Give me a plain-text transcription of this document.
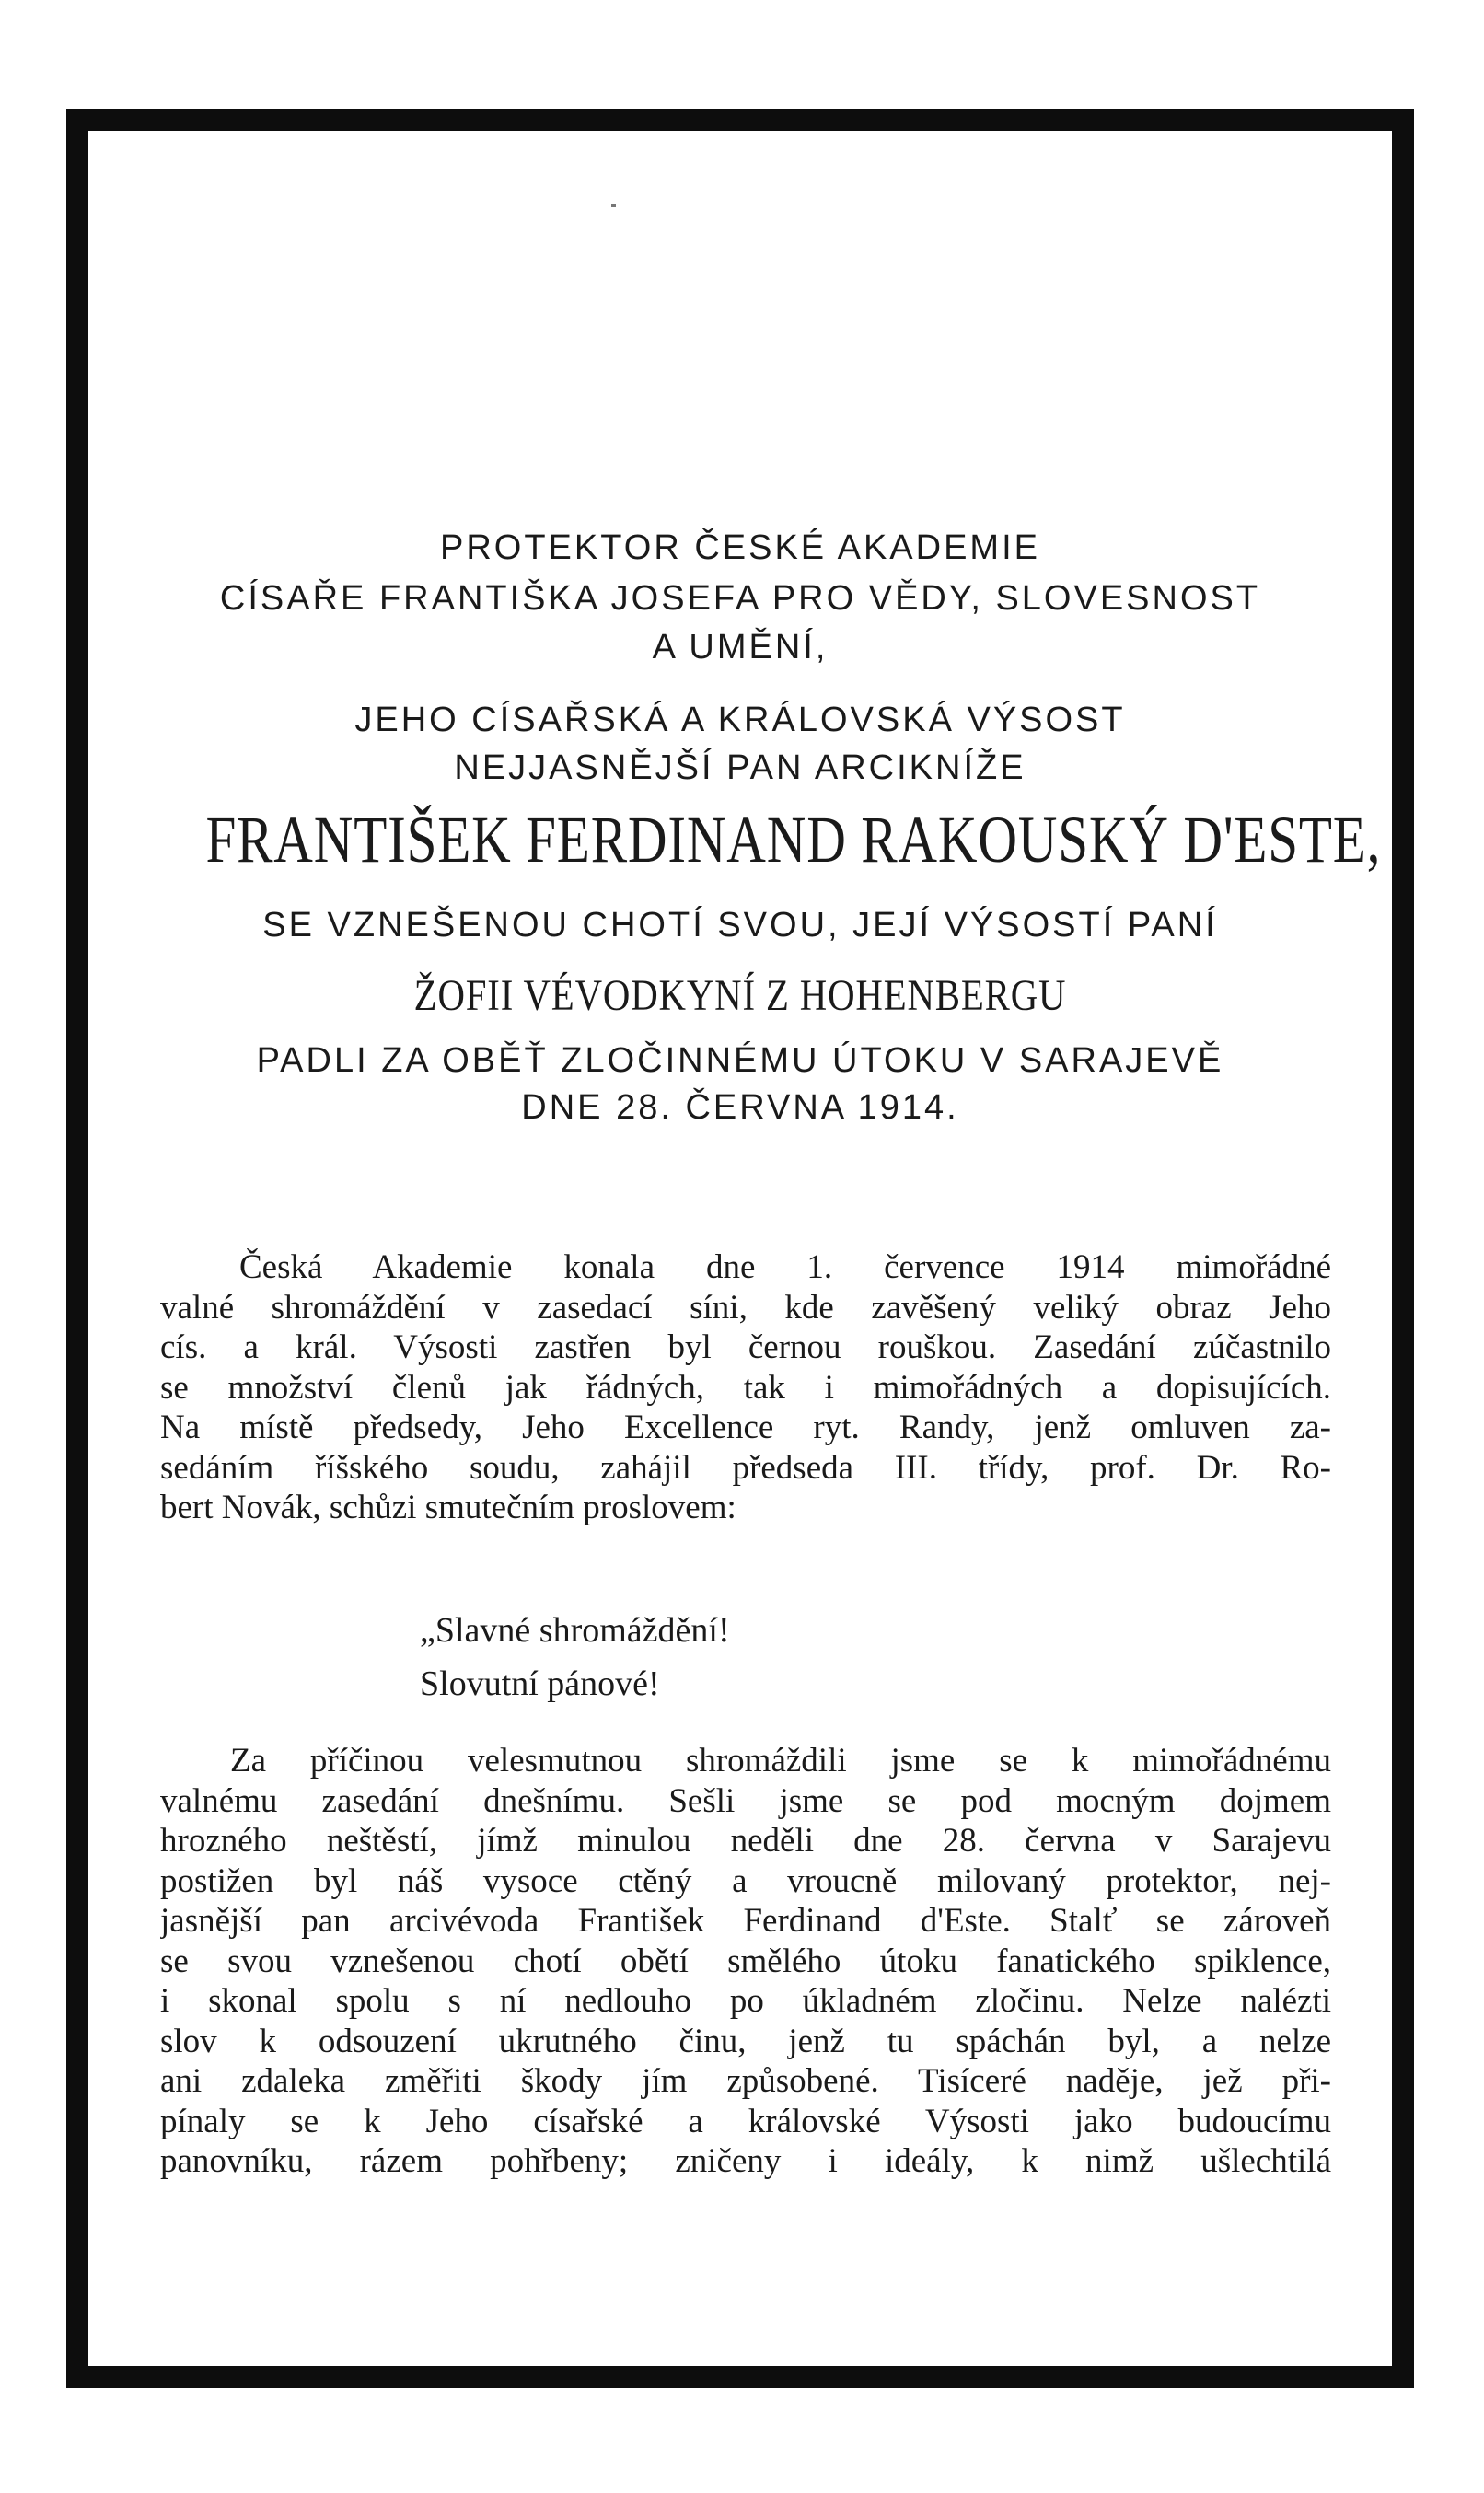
PROTEKTOR ČESKÉ AKADEMIE

CÍSAŘE FRANTIŠKA JOSEFA PRO VĚDY, SLOVESNOST

A UMĚNÍ,

JEHO CÍSAŘSKÁ A KRÁLOVSKÁ VÝSOST

NEJJASNĚJŠÍ PAN ARCIKNÍŽE

FRANTIŠEK FERDINAND RAKOUSKÝ D'ESTE,

SE VZNEŠENOU CHOTÍ SVOU, JEJÍ VÝSOSTÍ PANÍ

ŽOFII VÉVODKYNÍ Z HOHENBERGU

PADLI ZA OBĚŤ ZLOČINNÉMU ÚTOKU V SARAJEVĚ

DNE 28. ČERVNA 1914.

Česká Akademie konala dne 1. července 1914 mimořádné
valné shromáždění v zasedací síni, kde zavěšený veliký obraz Jeho
cís. a král. Výsosti zastřen byl černou rouškou. Zasedání zúčastnilo
se množství členů jak řádných, tak i mimořádných a dopisujících.
Na místě předsedy, Jeho Excellence ryt. Randy, jenž omluven za-
sedáním říšského soudu, zahájil předseda III. třídy, prof. Dr. Ro-
bert Novák, schůzi smutečním proslovem:

„Slavné shromáždění!

Slovutní pánové!

Za příčinou velesmutnou shromáždili jsme se k mimořádnému
valnému zasedání dnešnímu. Sešli jsme se pod mocným dojmem
hrozného neštěstí, jímž minulou neděli dne 28. června v Sarajevu
postižen byl náš vysoce ctěný a vroucně milovaný protektor, nej-
jasnější pan arcivévoda František Ferdinand d'Este. Stalť se zároveň
se svou vznešenou chotí obětí smělého útoku fanatického spiklence,
i skonal spolu s ní nedlouho po úkladném zločinu. Nelze nalézti
slov k odsouzení ukrutného činu, jenž tu spáchán byl, a nelze
ani zdaleka změřiti škody jím způsobené. Tisíceré naděje, jež při-
pínaly se k Jeho císařské a královské Výsosti jako budoucímu
panovníku, rázem pohřbeny; zničeny i ideály, k nimž ušlechtilá
